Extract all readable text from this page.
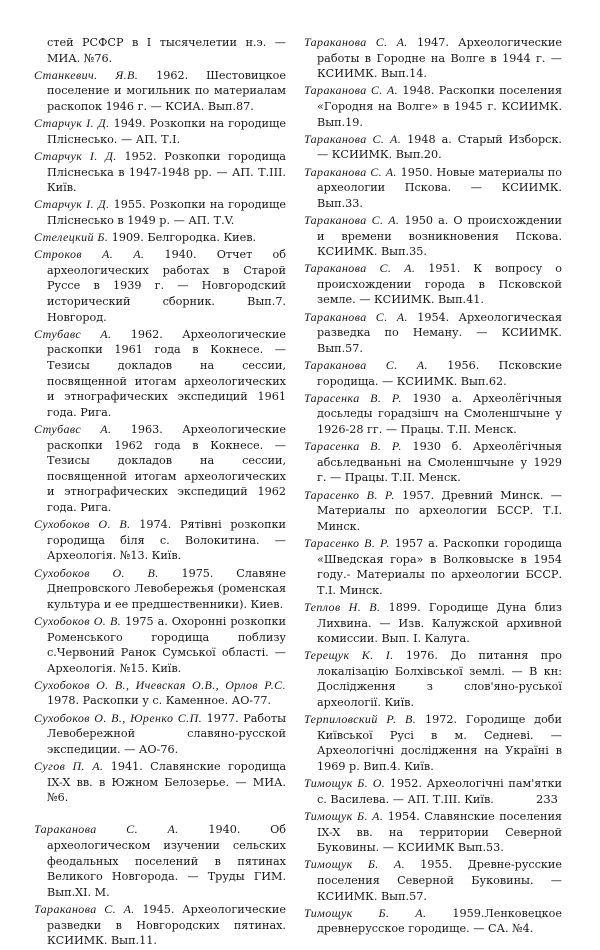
стей РСФСР в I тысячелетии н.э. — МИА. №76.
Станкевич. Я.В. 1962. Шестовицкое поселение и могильник по материалам раскопок 1946 г. — КСИА. Вып.87.
Старчук I. Д. 1949. Розкопки на городище Плiснесько. — АП. Т.I.
Старчук I. Д. 1952. Розкопки городища Плiснеська в 1947-1948 рр. — АП. Т.III. Київ.
Старчук I. Д. 1955. Розкопки на городище Плiснесько в 1949 р. — АП. Т.V.
Стелецкий Б. 1909. Белгородка. Киев.
Строков А. А. 1940. Отчет об археологических работах в Старой Руссе в 1939 г. — Новгородский исторический сборник. Вып.7. Новгород.
Стубавс А. 1962. Археологические раскопки 1961 года в Кокнесе. — Тезисы докладов на сессии, посвященной итогам археологических и этнографических экспедиций 1961 года. Рига.
Стубавс А. 1963. Археологические раскопки 1962 года в Кокнесе. — Тезисы докладов на сессии, посвященной итогам археологических и этнографических экспедиций 1962 года. Рига.
Сухобоков О. В. 1974. Рятiвнi розкопки городища бiля с. Волокитина. — Археологiя. №13. Київ.
Сухобоков О. В. 1975. Славяне Днепровского Левобережья (роменская культура и ее предшественники). Киев.
Сухобоков О. В. 1975 а. Охороннi розкопки Роменського городища поблизу с.Червоний Ранок Сумської областi. — Археологiя. №15. Київ.
Сухобоков О. В., Ичевская О.В., Орлов Р.С. 1978. Раскопки у с. Каменное. АО-77.
Сухобоков О. В., Юренко С.П. 1977. Работы Левобережной славяно-русской экспедиции. — АО-76.
Сугов П. А. 1941. Славянские городища IX-X вв. в Южном Белозерье. — МИА. №6.
Тараканова С. А.	1940. Об археологическом изучении сельских феодальных поселений в пятинах Великого Новгорода. — Труды ГИМ. Вып.XI. М.
Тараканова С. А. 1945. Археологические разведки в Новгородских пятинах. КСИИМК. Вып.11.
Тараканова С. А. 1947. Археологические работы в Городне на Волге в 1944 г. — КСИИМК. Вып.14.
Тараканова С. А. 1948. Раскопки поселения «Городня на Волге» в 1945 г. КСИИМК. Вып.19.
Тараканова С. А. 1948 а. Старый Изборск. — КСИИМК. Вып.20.
Тараканова С. А. 1950. Новые материалы по археологии Пскова. — КСИИМК. Вып.33.
Тараканова С. А. 1950 а. О происхождении и времени возникновения Пскова. КСИИМК. Вып.35.
Тараканова С. А. 1951. К вопросу о происхождении города в Псковской земле. — КСИИМК. Вып.41.
Тараканова С. А. 1954. Археологическая разведка по Неману. — КСИИМК. Вып.57.
Тараканова С. А. 1956. Псковские городища. — КСИИМК. Вып.62.
Тарасенка В. Р. 1930 а. Археолёгiчныя досьледы горадзiшч на Смоленшчыне у 1926-28 гг. — Працы. Т.II. Менск.
Тарасенка В. Р. 1930 б. Археолёгiчныя абсьледваньнi на Смоленшчыне у 1929 г. — Працы. Т.II. Менск.
Тарасенко В. Р. 1957. Древний Минск. — Материалы по археологии БССР. Т.I. Минск.
Тарасенко В. Р. 1957 а. Раскопки городища «Шведская гора» в Волковыске в 1954 году.- Материалы по археологии БССР. Т.I. Минск.
Теплов Н. В. 1899. Городище Дуна близ Лихвина. — Изв. Калужской архивной комиссии. Вып. I. Калуга.
Терещук К. I. 1976. До питання про локалiзацiю Болхiвської землi. — В кн: Дослiдження з слов'яно-руської археологiї. Київ.
Терпиловский Р. В. 1972. Городище доби Київської Русi в м. Седневi. — Археологiчнi дослiдження на Українi в 1969 р. Вип.4. Київ.
Тимощук Б. О. 1952. Археологiчнi пам'ятки с. Василева. — АП. Т.III. Київ.
Тимощук Б. А. 1954. Славянские поселения IX-X вв. на территории Северной Буковины. — КСИИМК Вып.53.
Тимощук Б. А. 1955. Древне-русские поселения Северной Буковины. — КСИИМК. Вып.57.
Тимощук Б. А. 1959.Ленковецкое древнерусское городище. — СА. №4.
233
